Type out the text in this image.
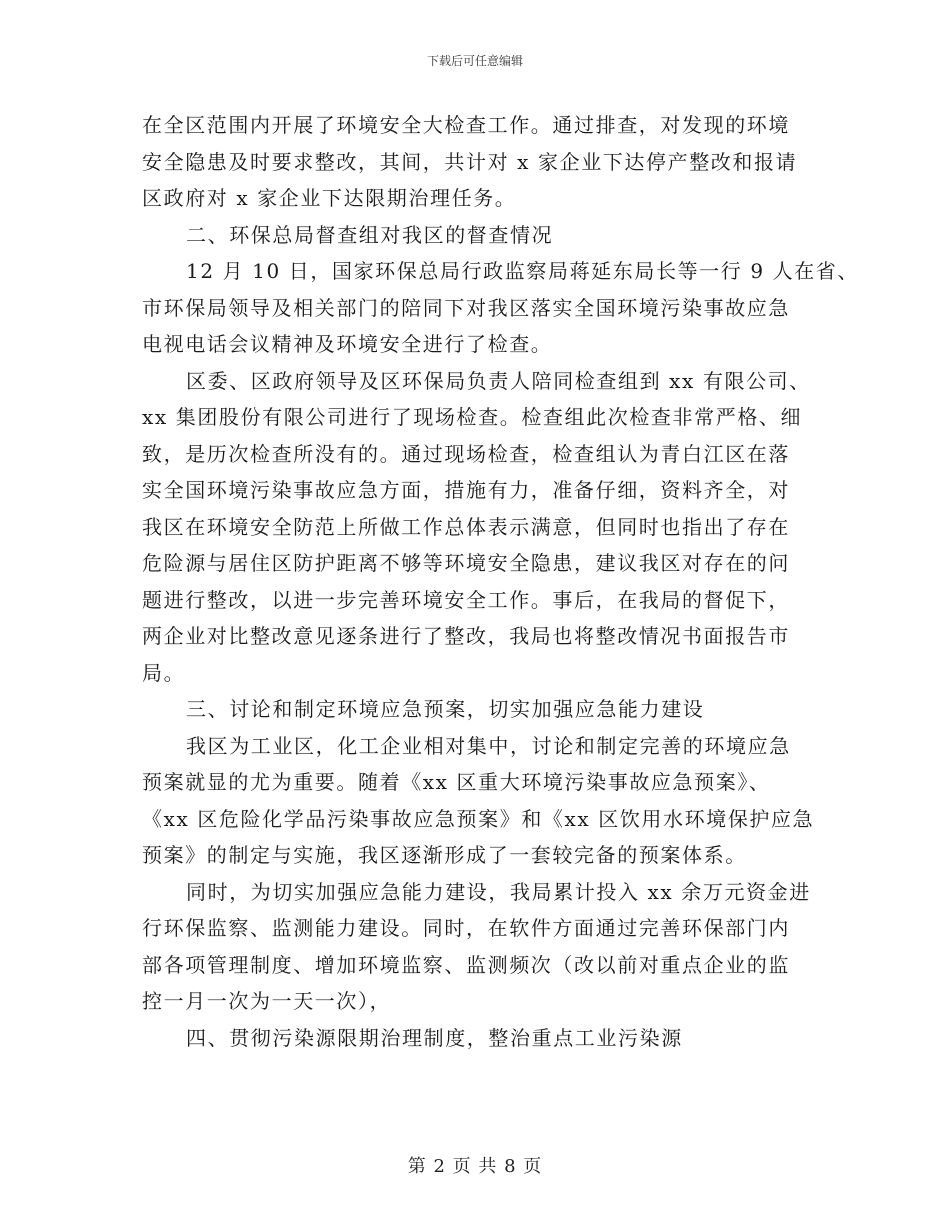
下载后可任意编辑

在全区范围内开展了环境安全大检查工作。通过排查，对发现的环境

安全隐患及时要求整改，其间，共计对 x 家企业下达停产整改和报请

区政府对 x 家企业下达限期治理任务。

二、环保总局督查组对我区的督查情况

12 月 10 日，国家环保总局行政监察局蒋延东局长等一行 9 人在省、

市环保局领导及相关部门的陪同下对我区落实全国环境污染事故应急

电视电话会议精神及环境安全进行了检查。

区委、区政府领导及区环保局负责人陪同检查组到 xx 有限公司、

xx 集团股份有限公司进行了现场检查。检查组此次检查非常严格、细

致，是历次检查所没有的。通过现场检查，检查组认为青白江区在落

实全国环境污染事故应急方面，措施有力，准备仔细，资料齐全，对

我区在环境安全防范上所做工作总体表示满意，但同时也指出了存在

危险源与居住区防护距离不够等环境安全隐患，建议我区对存在的问

题进行整改，以进一步完善环境安全工作。事后，在我局的督促下，

两企业对比整改意见逐条进行了整改，我局也将整改情况书面报告市

局。

三、讨论和制定环境应急预案，切实加强应急能力建设

我区为工业区，化工企业相对集中，讨论和制定完善的环境应急

预案就显的尤为重要。随着《xx 区重大环境污染事故应急预案》、

《xx 区危险化学品污染事故应急预案》和《xx 区饮用水环境保护应急

预案》的制定与实施，我区逐渐形成了一套较完备的预案体系。

同时，为切实加强应急能力建设，我局累计投入 xx 余万元资金进

行环保监察、监测能力建设。同时，在软件方面通过完善环保部门内

部各项管理制度、增加环境监察、监测频次（改以前对重点企业的监

控一月一次为一天一次），

四、贯彻污染源限期治理制度，整治重点工业污染源

第 2 页 共 8 页
